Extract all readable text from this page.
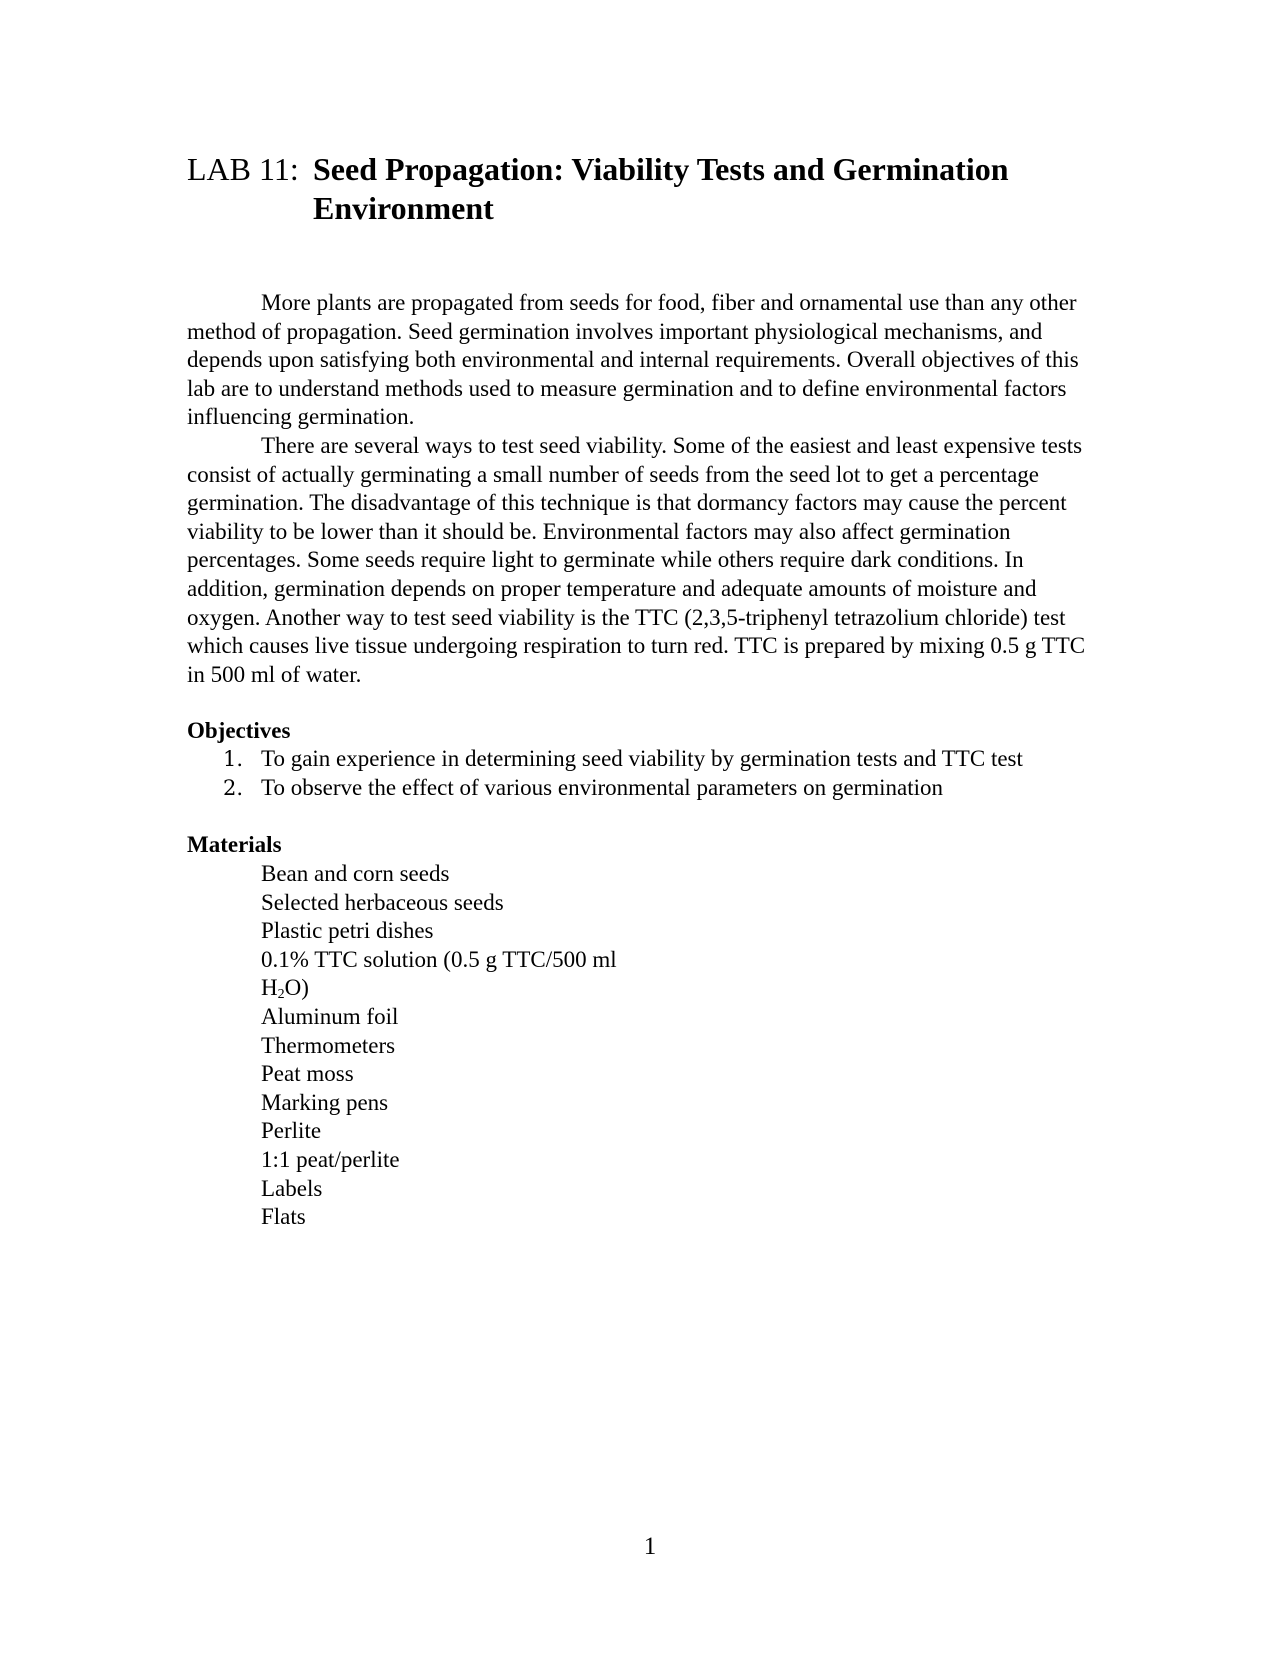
LAB 11: Seed Propagation: Viability Tests and Germination Environment

More plants are propagated from seeds for food, fiber and ornamental use than any other method of propagation. Seed germination involves important physiological mechanisms, and depends upon satisfying both environmental and internal requirements. Overall objectives of this lab are to understand methods used to measure germination and to define environmental factors influencing germination.

There are several ways to test seed viability. Some of the easiest and least expensive tests consist of actually germinating a small number of seeds from the seed lot to get a percentage germination. The disadvantage of this technique is that dormancy factors may cause the percent viability to be lower than it should be. Environmental factors may also affect germination percentages. Some seeds require light to germinate while others require dark conditions. In addition, germination depends on proper temperature and adequate amounts of moisture and oxygen. Another way to test seed viability is the TTC (2,3,5-triphenyl tetrazolium chloride) test which causes live tissue undergoing respiration to turn red. TTC is prepared by mixing 0.5 g TTC in 500 ml of water.

Objectives
1. To gain experience in determining seed viability by germination tests and TTC test
2. To observe the effect of various environmental parameters on germination
Materials
Bean and corn seeds
Selected herbaceous seeds
Plastic petri dishes
0.1% TTC solution (0.5 g TTC/500 ml
$H_2O$)
Aluminum foil
Thermometers
Peat moss
Marking pens
Perlite
1:1 peat/perlite
Labels
Flats
1
